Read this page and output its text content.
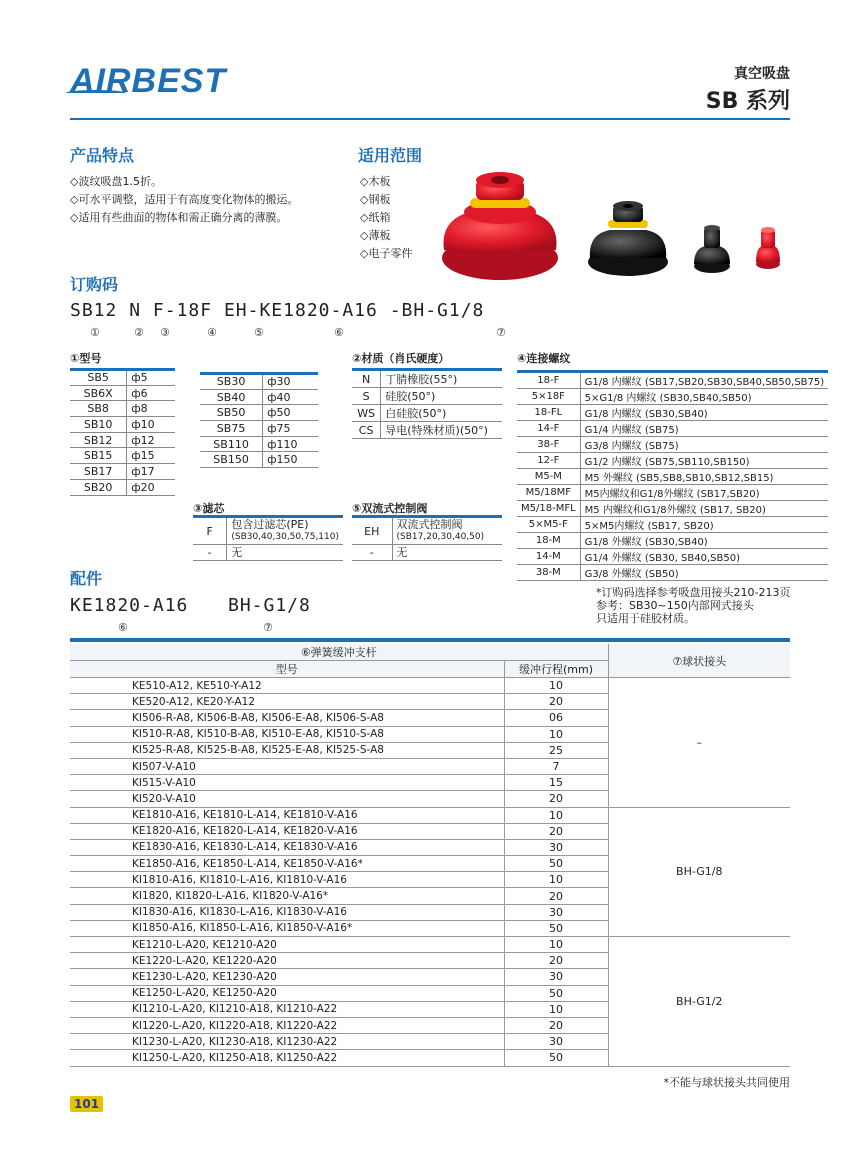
AIRBEST	真空吸盘
SB 系列
产品特点
◇波纹吸盘1.5折。
◇可水平调整，适用于有高度变化物体的搬运。
◇适用有些曲面的物体和需正确分离的薄膜。
适用范围
◇木板
◇钢板
◇纸箱
◇薄板
◇电子零件
订购码
SB12 N F-18F EH-KE1820-A16 -BH-G1/8
①	② ③	④	⑤	⑥	⑦
①型号
SB5	ф5
SB6X	ф6
SB8	ф8
SB10	ф10
SB12	ф12
SB15	ф15
SB17	ф17
SB20	ф20
SB30	ф30
SB40	ф40
SB50	ф50
SB75	ф75
SB110	ф110
SB150	ф150
②材质（肖氏硬度）
N	丁腈橡胶(55°)
S	硅胶(50°)
WS	白硅胶(50°)
CS	导电(特殊材质)(50°)
③滤芯
F	包含过滤芯(PE)
(SB30,40,30,50,75,110)

-	无
⑤双流式控制阀
EH	双流式控制阀
(SB17,20,30,40,50)

-	无
④连接螺纹
18-F	G1/8 内螺纹 (SB17,SB20,SB30,SB40,SB50,SB75)
5×18F	5×G1/8 内螺纹 (SB30,SB40,SB50)
18-FL	G1/8 内螺纹 (SB30,SB40)
14-F	G1/4 内螺纹 (SB75)
38-F	G3/8 内螺纹 (SB75)
12-F	G1/2 内螺纹 (SB75,SB110,SB150)
M5-M	M5 外螺纹 (SB5,SB8,SB10,SB12,SB15)
M5/18MF	M5内螺纹和G1/8外螺纹 (SB17,SB20)
M5/18-MFL	M5 内螺纹和G1/8外螺纹 (SB17, SB20)
5×M5-F	5×M5内螺纹 (SB17, SB20)
18-M	G1/8 外螺纹 (SB30,SB40)
14-M	G1/4 外螺纹 (SB30, SB40,SB50)
38-M	G3/8 外螺纹 (SB50)
*订购码选择参考吸盘用接头210-213页
参考：SB30~150内部网式接头
只适用于硅胶材质。
配件
KE1820-A16 BH-G1/8
⑥	⑦
⑥弹簧缓冲支杆		⑦球状接头
型号	缓冲行程(mm)	
KE510-A12, KE510-Y-A12	10	–
KE520-A12, KE20-Y-A12	20	
KI506-R-A8, KI506-B-A8, KI506-E-A8, KI506-S-A8	06	
KI510-R-A8, KI510-B-A8, KI510-E-A8, KI510-S-A8	10	
KI525-R-A8, KI525-B-A8, KI525-E-A8, KI525-S-A8	25	
KI507-V-A10	7	
KI515-V-A10	15	
KI520-V-A10	20	
KE1810-A16, KE1810-L-A14, KE1810-V-A16	10	BH-G1/8
KE1820-A16, KE1820-L-A14, KE1820-V-A16	20	
KE1830-A16, KE1830-L-A14, KE1830-V-A16	30	
KE1850-A16, KE1850-L-A14, KE1850-V-A16*	50	
KI1810-A16, KI1810-L-A16, KI1810-V-A16	10	
KI1820, KI1820-L-A16, KI1820-V-A16*	20	
KI1830-A16, KI1830-L-A16, KI1830-V-A16	30	
KI1850-A16, KI1850-L-A16, KI1850-V-A16*	50	
KE1210-L-A20, KE1210-A20	10	BH-G1/2
KE1220-L-A20, KE1220-A20	20	
KE1230-L-A20, KE1230-A20	30	
KE1250-L-A20, KE1250-A20	50	
KI1210-L-A20, KI1210-A18, KI1210-A22	10	
KI1220-L-A20, KI1220-A18, KI1220-A22	20	
KI1230-L-A20, KI1230-A18, KI1230-A22	30	
KI1250-L-A20, KI1250-A18, KI1250-A22	50	
*不能与球状接头共同使用
101
